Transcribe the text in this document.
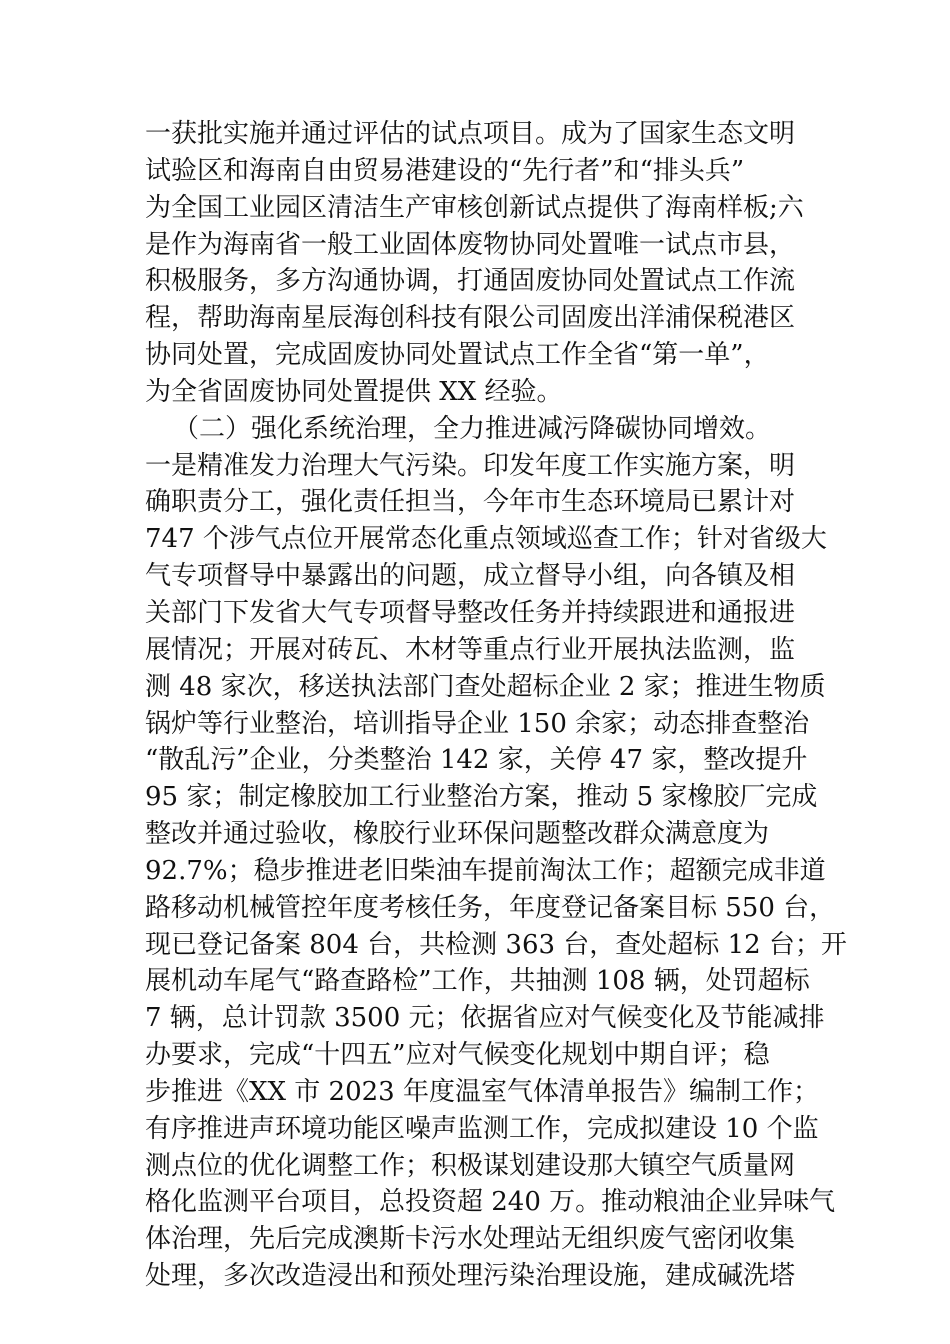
一获批实施并通过评估的试点项目。成为了国家生态文明
试验区和海南自由贸易港建设的“先行者”和“排头兵”
为全国工业园区清洁生产审核创新试点提供了海南样板;六
是作为海南省一般工业固体废物协同处置唯一试点市县，
积极服务，多方沟通协调，打通固废协同处置试点工作流
程，帮助海南星辰海创科技有限公司固废出洋浦保税港区
协同处置，完成固废协同处置试点工作全省“第一单”，
为全省固废协同处置提供 XX 经验。
（二）强化系统治理，全力推进减污降碳协同增效。
一是精准发力治理大气污染。印发年度工作实施方案，明
确职责分工，强化责任担当，今年市生态环境局已累计对
747 个涉气点位开展常态化重点领域巡查工作；针对省级大
气专项督导中暴露出的问题，成立督导小组，向各镇及相
关部门下发省大气专项督导整改任务并持续跟进和通报进
展情况；开展对砖瓦、木材等重点行业开展执法监测，监
测 48 家次，移送执法部门查处超标企业 2 家；推进生物质
锅炉等行业整治，培训指导企业 150 余家；动态排查整治
“散乱污”企业，分类整治 142 家，关停 47 家，整改提升
95 家；制定橡胶加工行业整治方案，推动 5 家橡胶厂完成
整改并通过验收，橡胶行业环保问题整改群众满意度为
92.7%；稳步推进老旧柴油车提前淘汰工作；超额完成非道
路移动机械管控年度考核任务，年度登记备案目标 550 台，
现已登记备案 804 台，共检测 363 台，查处超标 12 台；开
展机动车尾气“路查路检”工作，共抽测 108 辆，处罚超标
7 辆，总计罚款 3500 元；依据省应对气候变化及节能减排
办要求，完成“十四五”应对气候变化规划中期自评；稳
步推进《XX 市 2023 年度温室气体清单报告》编制工作；
有序推进声环境功能区噪声监测工作，完成拟建设 10 个监
测点位的优化调整工作；积极谋划建设那大镇空气质量网
格化监测平台项目，总投资超 240 万。推动粮油企业异味气
体治理，先后完成澳斯卡污水处理站无组织废气密闭收集
处理，多次改造浸出和预处理污染治理设施，建成碱洗塔
